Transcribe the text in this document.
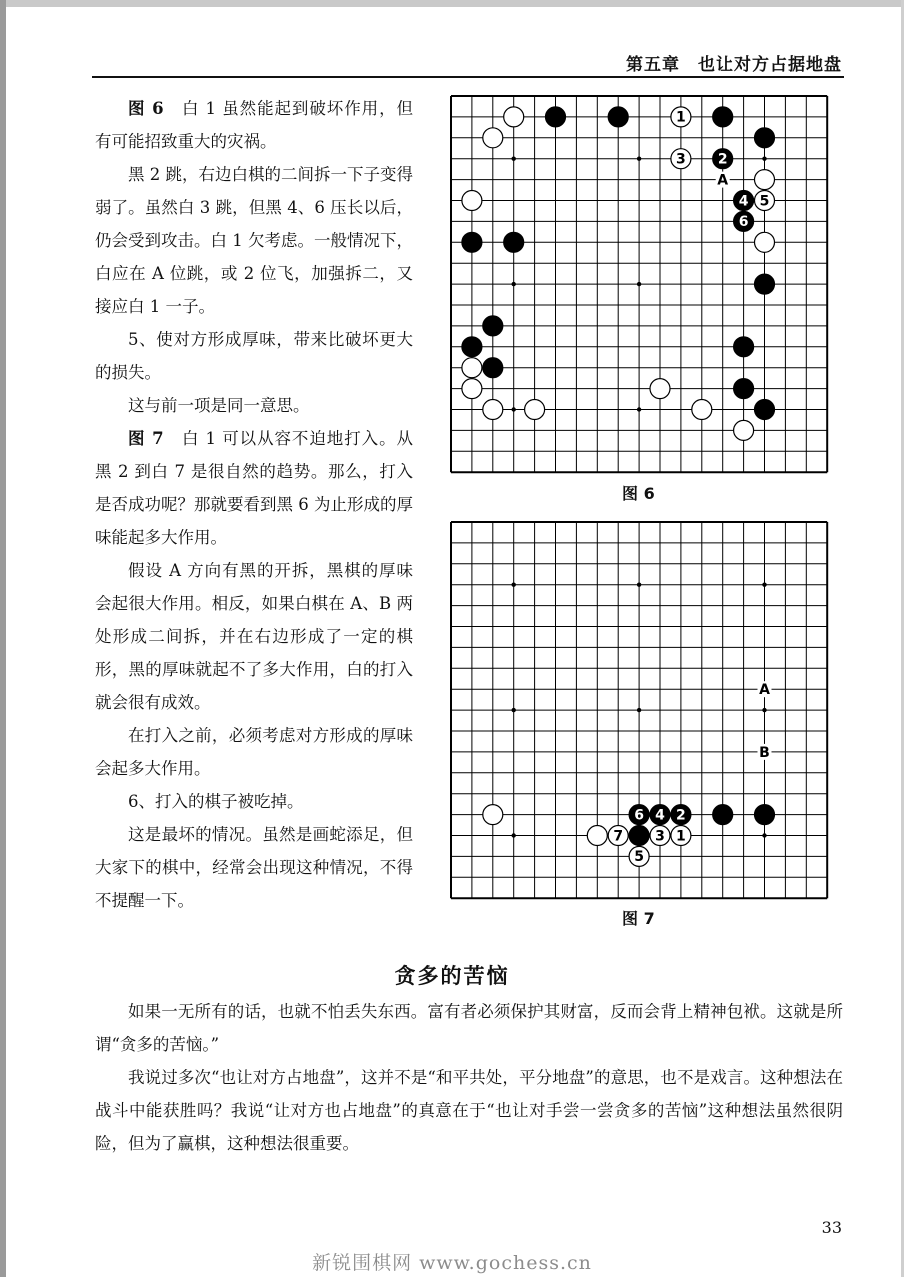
第五章　也让对方占据地盘

图 6　白 1 虽然能起到破坏作用，但有可能招致重大的灾祸。

黑 2 跳，右边白棋的二间拆一下子变得弱了。虽然白 3 跳，但黑 4、6 压长以后，仍会受到攻击。白 1 欠考虑。一般情况下，白应在 A 位跳，或 2 位飞，加强拆二，又接应白 1 一子。

5、使对方形成厚味，带来比破坏更大的损失。

这与前一项是同一意思。

图 7　白 1 可以从容不迫地打入。从黑 2 到白 7 是很自然的趋势。那么，打入是否成功呢？那就要看到黑 6 为止形成的厚味能起多大作用。

假设 A 方向有黑的开拆，黑棋的厚味会起很大作用。相反，如果白棋在 A、B 两处形成二间拆，并在右边形成了一定的棋形，黑的厚味就起不了多大作用，白的打入就会很有成效。

在打入之前，必须考虑对方形成的厚味会起多大作用。

6、打入的棋子被吃掉。

这是最坏的情况。虽然是画蛇添足，但大家下的棋中，经常会出现这种情况，不得不提醒一下。

1
3 2
4 5
6
A
图 6
6 4 2
7 3 1
5
A
B
图 7
贪多的苦恼

如果一无所有的话，也就不怕丢失东西。富有者必须保护其财富，反而会背上精神包袱。这就是所谓“贪多的苦恼。”

我说过多次“也让对方占地盘”，这并不是“和平共处，平分地盘”的意思，也不是戏言。这种想法在战斗中能获胜吗？我说“让对方也占地盘”的真意在于“也让对手尝一尝贪多的苦恼”这种想法虽然很阴险，但为了赢棋，这种想法很重要。

33
新锐围棋网 www.gochess.cn
